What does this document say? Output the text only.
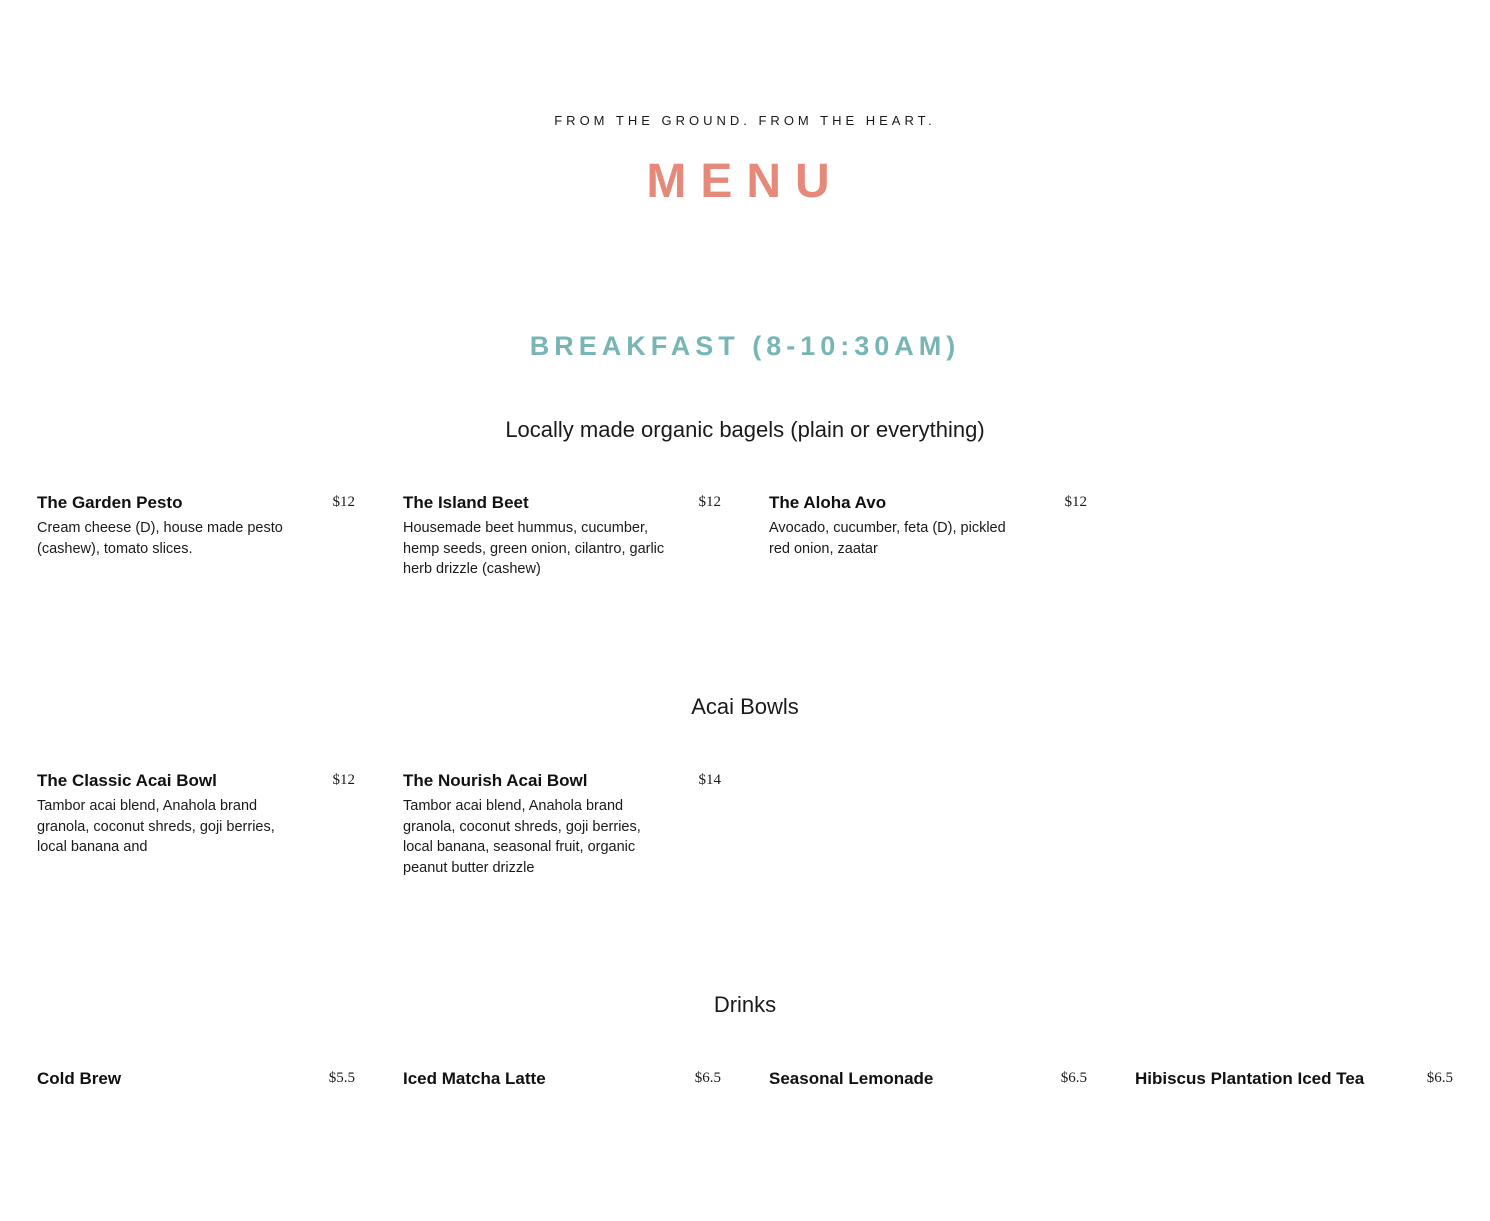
FROM THE GROUND. FROM THE HEART.
MENU
BREAKFAST (8-10:30AM)
Locally made organic bagels (plain or everything)
The Garden Pesto	$12
Cream cheese (D), house made pesto (cashew), tomato slices.
The Island Beet	$12
Housemade beet hummus, cucumber, hemp seeds, green onion, cilantro, garlic herb drizzle (cashew)
The Aloha Avo	$12
Avocado, cucumber, feta (D), pickled red onion, zaatar
Acai Bowls
The Classic Acai Bowl	$12
Tambor acai blend, Anahola brand granola, coconut shreds, goji berries, local banana and
The Nourish Acai Bowl	$14
Tambor acai blend, Anahola brand granola, coconut shreds, goji berries, local banana, seasonal fruit, organic peanut butter drizzle
Drinks
Cold Brew	$5.5	Iced Matcha Latte	$6.5	Seasonal Lemonade	$6.5	Hibiscus Plantation Iced Tea	$6.5
